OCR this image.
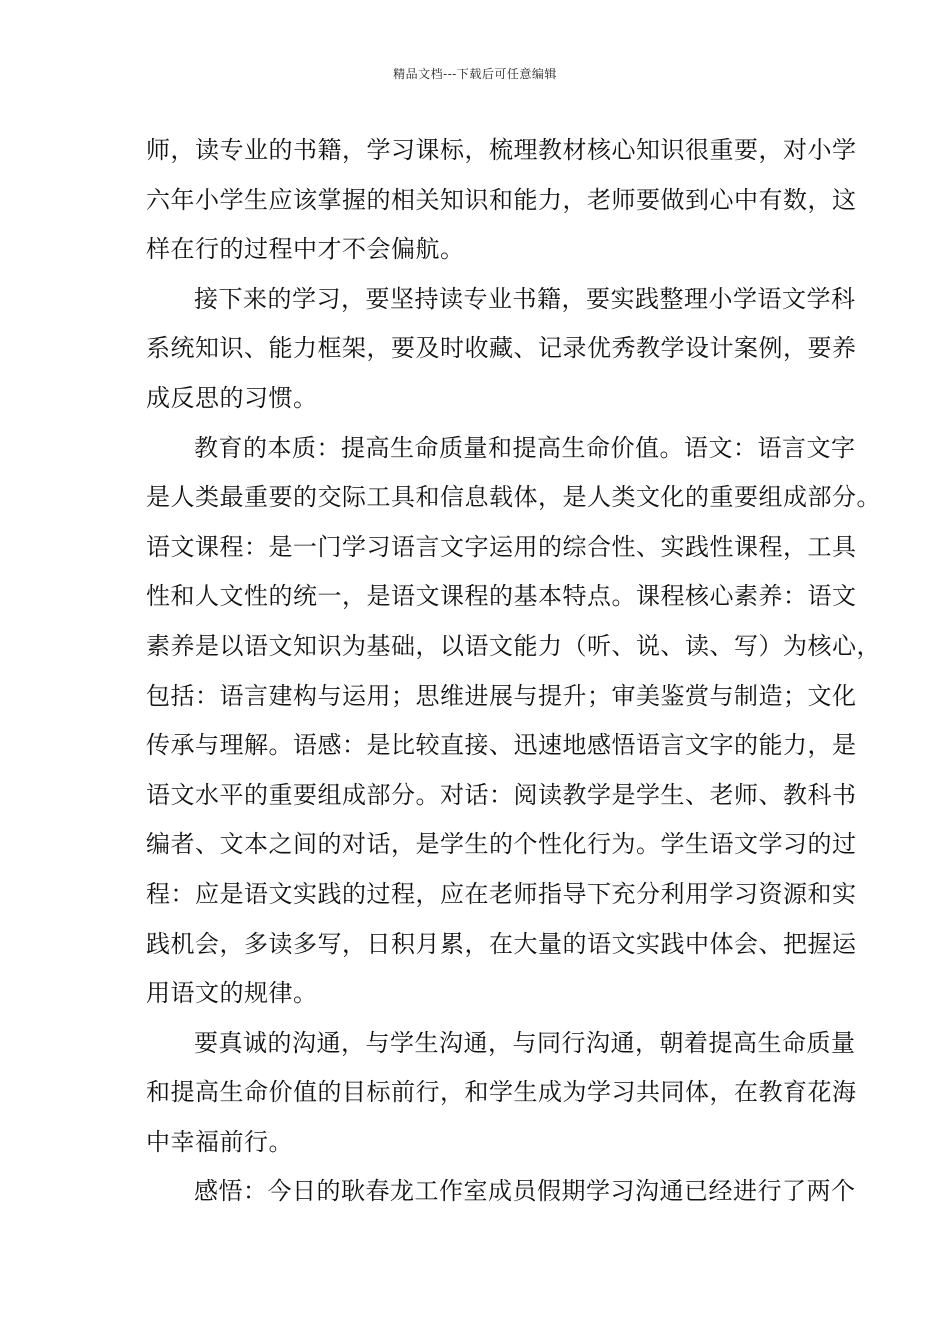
精品文档---下载后可任意编辑

师，读专业的书籍，学习课标，梳理教材核心知识很重要，对小学
六年小学生应该掌握的相关知识和能力，老师要做到心中有数，这
样在行的过程中才不会偏航。

接下来的学习，要坚持读专业书籍，要实践整理小学语文学科
系统知识、能力框架，要及时收藏、记录优秀教学设计案例，要养
成反思的习惯。

教育的本质：提高生命质量和提高生命价值。语文：语言文字
是人类最重要的交际工具和信息载体，是人类文化的重要组成部分。
语文课程：是一门学习语言文字运用的综合性、实践性课程，工具
性和人文性的统一，是语文课程的基本特点。课程核心素养：语文
素养是以语文知识为基础，以语文能力（听、说、读、写）为核心，
包括：语言建构与运用；思维进展与提升；审美鉴赏与制造；文化
传承与理解。语感：是比较直接、迅速地感悟语言文字的能力，是
语文水平的重要组成部分。对话：阅读教学是学生、老师、教科书
编者、文本之间的对话，是学生的个性化行为。学生语文学习的过
程：应是语文实践的过程，应在老师指导下充分利用学习资源和实
践机会，多读多写，日积月累，在大量的语文实践中体会、把握运
用语文的规律。

要真诚的沟通，与学生沟通，与同行沟通，朝着提高生命质量
和提高生命价值的目标前行，和学生成为学习共同体，在教育花海
中幸福前行。

感悟：今日的耿春龙工作室成员假期学习沟通已经进行了两个
